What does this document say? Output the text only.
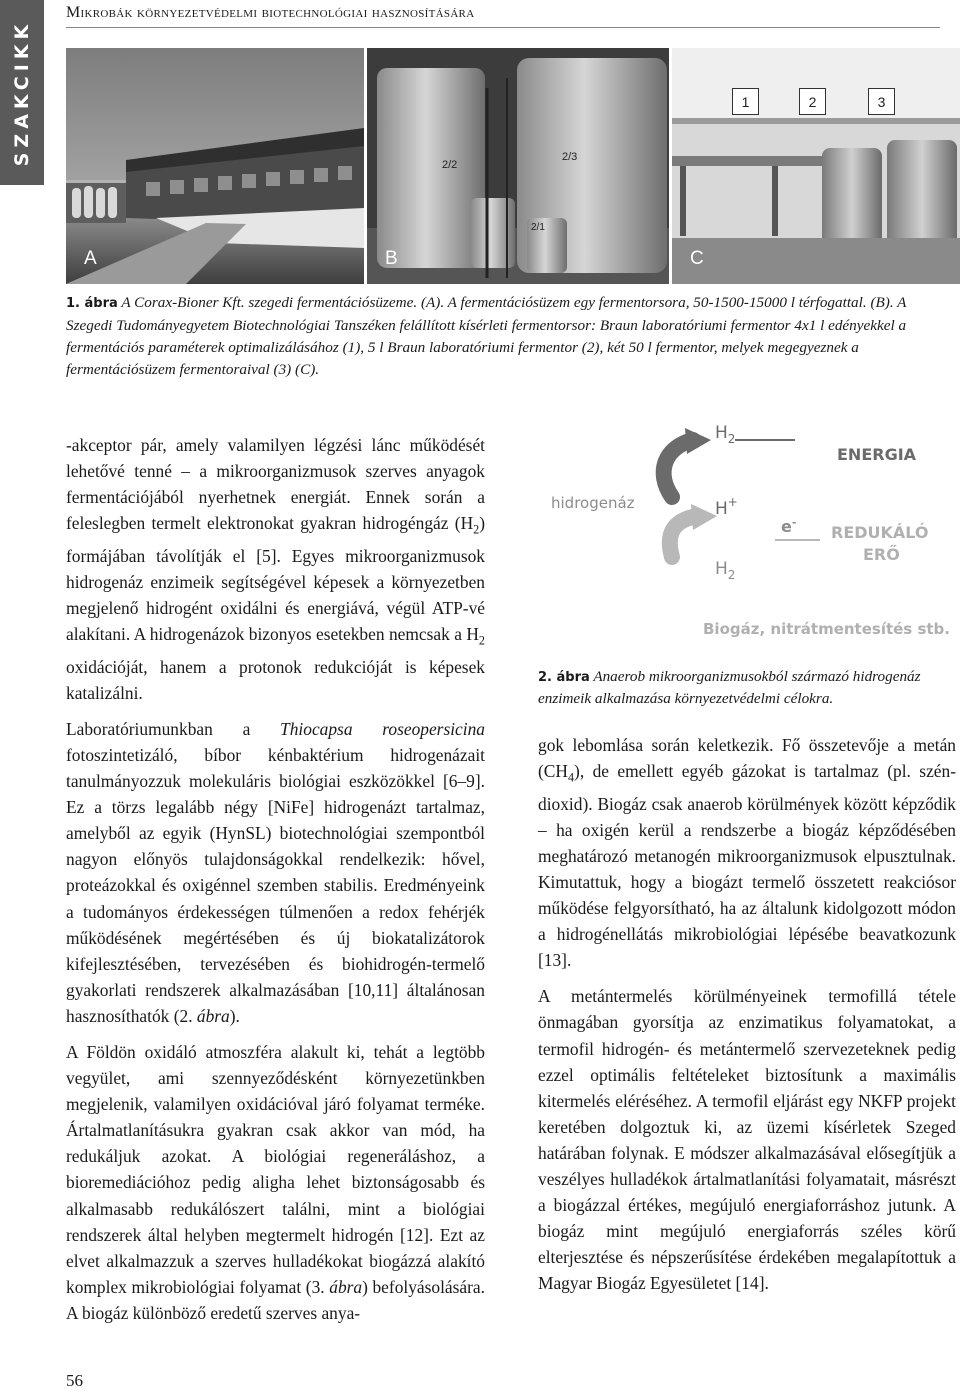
SZAKCIKK
Mikrobák környezetvédelmi biotechnológiai hasznosítására
A
2/2
2/3
2/1
B	C
1	2	3
1. ábra A Corax-Bioner Kft. szegedi fermentációsüzeme. (A). A fermentációsüzem egy fermentorsora, 50-1500-15000 l térfogattal. (B). A Szegedi Tudományegyetem Biotechnológiai Tanszéken felállított kísérleti fermentorsor: Braun laboratóriumi fermentor 4x1 l edényekkel a fermentációs paraméterek optimalizálásához (1), 5 l Braun laboratóriumi fermentor (2), két 50 l fermentor, melyek megegyeznek a fermentációsüzem fermentoraival (3) (C).

-akceptor pár, amely valamilyen légzési lánc működését lehetővé tenné – a mikroorganizmusok szerves anyagok fermentációjából nyerhetnek energiát. Ennek során a feleslegben termelt elektronokat gyakran hidrogéngáz $(H_2)$ formájában távolítják el [5]. Egyes mikroorganizmusok hidrogenáz enzimeik segítségével képesek a környezetben megjelenő hidrogént oxidálni és energiává, végül ATP-vé alakítani. A hidrogenázok bizonyos esetekben nemcsak a $H_2$ oxidációját, hanem a protonok redukcióját is képesek katalizálni.

Laboratóriumunkban a Thiocapsa roseopersicina fotoszintetizáló, bíbor kénbaktérium hidrogenázait tanulmányozzuk molekuláris biológiai eszközökkel [6–9]. Ez a törzs legalább négy [NiFe] hidrogenázt tartalmaz, amelyből az egyik (HynSL) biotechnológiai szempontból nagyon előnyös tulajdonságokkal rendelkezik: hővel, proteázokkal és oxigénnel szemben stabilis. Eredményeink a tudományos érdekességen túlmenően a redox fehérjék működésének megértésében és új biokatalizátorok kifejlesztésében, tervezésében és biohidrogén-termelő gyakorlati rendszerek alkalmazásában [10,11] általánosan hasznosíthatók (2. ábra).

A Földön oxidáló atmoszféra alakult ki, tehát a legtöbb vegyület, ami szennyeződésként környezetünkben megjelenik, valamilyen oxidációval járó folyamat terméke. Ártalmatlanításukra gyakran csak akkor van mód, ha redukáljuk azokat. A biológiai regeneráláshoz, a bioremediációhoz pedig aligha lehet biztonságosabb és alkalmasabb redukálószert találni, mint a biológiai rendszerek által helyben megtermelt hidrogén [12]. Ezt az elvet alkalmazzuk a szerves hulladékokat biogázzá alakító komplex mikrobiológiai folyamat (3. ábra) befolyásolására. A biogáz különböző eredetű szerves anya-

$H_2$
ENERGIA
hidrogenáz	H+
e-
REDUKÁLÓ
ERŐ
$H_2$
Biogáz, nitrátmentesítés stb.
2. ábra Anaerob mikroorganizmusokból származó hidrogenáz enzimeik alkalmazása környezetvédelmi célokra.

gok lebomlása során keletkezik. Fő összetevője a metán $(CH_4)$, de emellett egyéb gázokat is tartalmaz (pl. szén-dioxid). Biogáz csak anaerob körülmények között képződik – ha oxigén kerül a rendszerbe a biogáz képződésében meghatározó metanogén mikroorganizmusok elpusztulnak. Kimutattuk, hogy a biogázt termelő összetett reakciósor működése felgyorsítható, ha az általunk kidolgozott módon a hidrogénellátás mikrobiológiai lépésébe beavatkozunk [13].

A metántermelés körülményeinek termofillá tétele önmagában gyorsítja az enzimatikus folyamatokat, a termofil hidrogén- és metántermelő szervezeteknek pedig ezzel optimális feltételeket biztosítunk a maximális kitermelés eléréséhez. A termofil eljárást egy NKFP projekt keretében dolgoztuk ki, az üzemi kísérletek Szeged határában folynak. E módszer alkalmazásával elősegítjük a veszélyes hulladékok ártalmatlanítási folyamatait, másrészt a biogázzal értékes, megújuló energiaforráshoz jutunk. A biogáz mint megújuló energiaforrás széles körű elterjesztése és népszerűsítése érdekében megalapítottuk a Magyar Biogáz Egyesületet [14].

56
